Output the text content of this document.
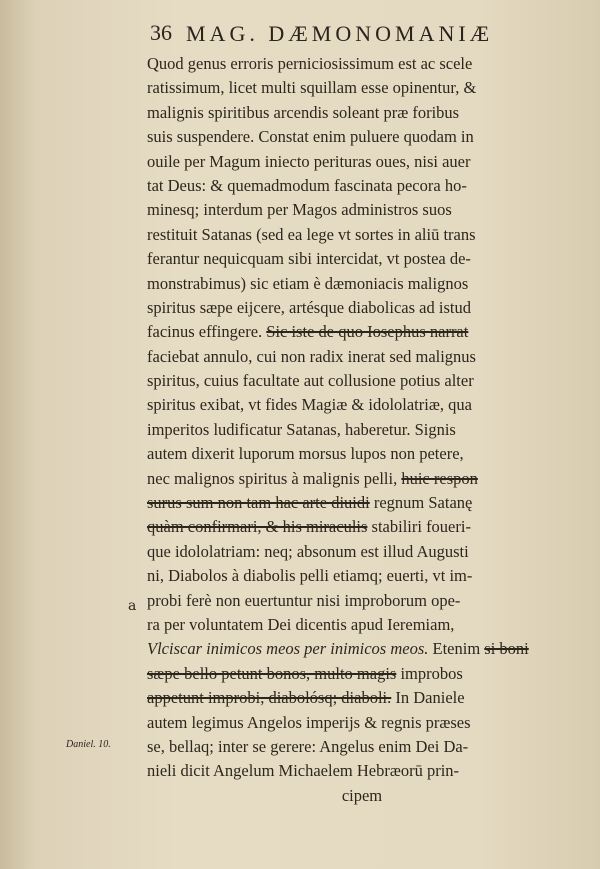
36 MAG. DÆMONOMANIÆ
a
Quod genus erroris perniciosissimum est ac scele
ratissimum, licet multi squillam esse opinentur, &
malignis spiritibus arcendis soleant præ foribus
suis suspendere. Constat enim puluere quodam in
ouile per Magum iniecto perituras oues, nisi auer
tat Deus: & quemadmodum fascinata pecora ho-
minesq; interdum per Magos administros suos
restituit Satanas (sed ea lege vt sortes in aliū trans
ferantur nequicquam sibi intercidat, vt postea de-
monstrabimus) sic etiam è dæmoniacis malignos
spiritus sæpe eijcere, artésque diabolicas ad istud
facinus effingere. Sic iste de quo Iosephus narrat
faciebat annulo, cui non radix inerat sed malignus
spiritus, cuius facultate aut collusione potius alter
spiritus exibat, vt fides Magiæ & idololatriæ, qua
imperitos ludificatur Satanas, haberetur. Signis
autem dixerit luporum morsus lupos non petere,
nec malignos spiritus à malignis pelli, huic respon
surus sum non tam hac arte diuidi regnum Satanę
quàm confirmari, & his miraculis stabiliri foueri-
que idololatriam: neq; absonum est illud Augusti
ni, Diabolos à diabolis pelli etiamq; euerti, vt im-
probi ferè non euertuntur nisi improborum ope-
ra per voluntatem Dei dicentis apud Ieremiam,
Vlciscar inimicos meos per inimicos meos. Etenim si boni
sæpe bello petunt bonos, multo magis improbos
appetunt improbi, diabolósq; diaboli. In Daniele
autem legimus Angelos imperijs & regnis præses
se, bellaq; inter se gerere: Angelus enim Dei Da-
nieli dicit Angelum Michaelem Hebræorū prin-
cipem
Daniel. 10.
